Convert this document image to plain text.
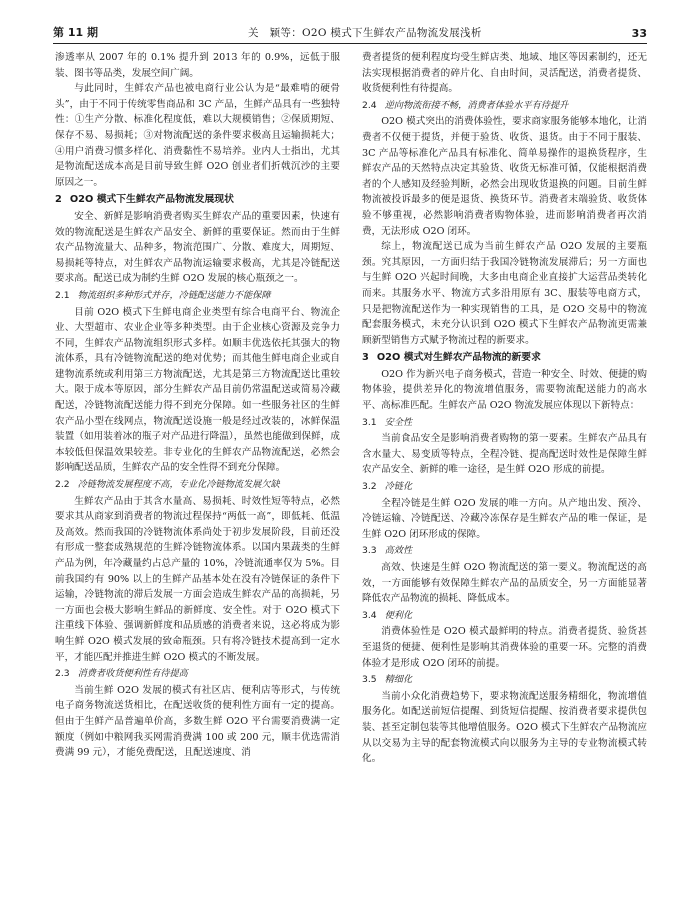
第 11 期	关　颖等：O2O 模式下生鲜农产品物流发展浅析	33

渗透率从 2007 年的 0.1% 提升到 2013 年的 0.9%，远低于服装、图书等品类，发展空间广阔。

与此同时，生鲜农产品也被电商行业公认为是“最难啃的硬骨头”，由于不同于传统零售商品和 3C 产品，生鲜产品具有一些独特性：①生产分散、标准化程度低，难以大规模销售；②保质期短、保存不易、易损耗；③对物流配送的条件要求极高且运输损耗大；④用户消费习惯多样化、消费黏性不易培养。业内人士指出，尤其是物流配送成本高是目前导致生鲜 O2O 创业者们折戟沉沙的主要原因之一。

2 O2O 模式下生鲜农产品物流发展现状

安全、新鲜是影响消费者购买生鲜农产品的重要因素，快速有效的物流配送是生鲜农产品安全、新鲜的重要保证。然而由于生鲜农产品物流量大、品种多，物流范围广、分散、难度大，周期短、易损耗等特点，对生鲜农产品物流运输要求极高，尤其是冷链配送要求高。配送已成为制约生鲜 O2O 发展的核心瓶颈之一。

2.1 物流组织多种形式并存，冷链配送能力不能保障

目前 O2O 模式下生鲜电商企业类型有综合电商平台、物流企业、大型超市、农业企业等多种类型。由于企业核心资源及竞争力不同，生鲜农产品物流组织形式多样。如顺丰优选依托其强大的物流体系，具有冷链物流配送的绝对优势；而其他生鲜电商企业或自建物流系统或利用第三方物流配送，尤其是第三方物流配送比重较大。限于成本等原因，部分生鲜农产品目前仍常温配送或简易冷藏配送，冷链物流配送能力得不到充分保障。如一些服务社区的生鲜农产品小型在线网点，物流配送设施一般是经过改装的，冰鲜保温装置（如用装着冰的瓶子对产品进行降温），虽然也能做到保鲜，成本较低但保温效果较差。非专业化的生鲜农产品物流配送，必然会影响配送品质，生鲜农产品的安全性得不到充分保障。

2.2 冷链物流发展程度不高，专业化冷链物流发展欠缺

生鲜农产品由于其含水量高、易损耗、时效性短等特点，必然要求其从商家到消费者的物流过程保持“两低一高”，即低耗、低温及高效。然而我国的冷链物流体系尚处于初步发展阶段，目前还没有形成一整套成熟规范的生鲜冷链物流体系。以国内果蔬类的生鲜产品为例，年冷藏量约占总产量的 10%，冷链流通率仅为 5%。目前我国约有 90% 以上的生鲜产品基本处在没有冷链保证的条件下运输，冷链物流的滞后发展一方面会造成生鲜农产品的高损耗，另一方面也会极大影响生鲜品的新鲜度、安全性。对于 O2O 模式下注重线下体验、强调新鲜度和品质感的消费者来说，这必将成为影响生鲜 O2O 模式发展的致命瓶颈。只有将冷链技术提高到一定水平，才能匹配并推进生鲜 O2O 模式的不断发展。

2.3 消费者收货便利性有待提高

当前生鲜 O2O 发展的模式有社区店、便利店等形式，与传统电子商务物流送货相比，在配送收货的便利性方面有一定的提高。但由于生鲜产品普遍单价高，多数生鲜 O2O 平台需要消费满一定额度（例如中粮网我买网需消费满 100 或 200 元，顺丰优选需消费满 99 元），才能免费配送，且配送速度、消

费者提货的便利程度均受生鲜店类、地域、地区等因素制约，还无法实现根据消费者的碎片化、自由时间，灵活配送，消费者提货、收货便利性有待提高。

2.4 逆向物流衔接不畅，消费者体验水平有待提升

O2O 模式突出的消费体验性，要求商家服务能够本地化，让消费者不仅便于提货，并便于验货、收货、退货。由于不同于服装、3C 产品等标准化产品具有标准化、简单易操作的退换货程序，生鲜农产品的天然特点决定其验货、收货无标准可循，仅能根据消费者的个人感知及经验判断，必然会出现收货退换的问题。目前生鲜物流被投诉最多的便是退货、换货环节。消费者末端验货、收货体验不够重视，必然影响消费者购物体验，进而影响消费者再次消费，无法形成 O2O 闭环。

综上，物流配送已成为当前生鲜农产品 O2O 发展的主要瓶颈。究其原因，一方面归结于我国冷链物流发展滞后；另一方面也与生鲜 O2O 兴起时间晚，大多由电商企业直接扩大运营品类转化而来。其服务水平、物流方式多沿用原有 3C、服装等电商方式，只是把物流配送作为一种实现销售的工具，是 O2O 交易中的物流配套服务模式，未充分认识到 O2O 模式下生鲜农产品物流更需兼顾新型销售方式赋予物流过程的新要求。

3 O2O 模式对生鲜农产品物流的新要求

O2O 作为新兴电子商务模式，营造一种安全、时效、便捷的购物体验，提供差异化的物流增值服务，需要物流配送能力的高水平、高标准匹配。生鲜农产品 O2O 物流发展应体现以下新特点：

3.1 安全性

当前食品安全是影响消费者购物的第一要素。生鲜农产品具有含水量大、易变质等特点，全程冷链、提高配送时效性是保障生鲜农产品安全、新鲜的唯一途径，是生鲜 O2O 形成的前提。

3.2 冷链化

全程冷链是生鲜 O2O 发展的唯一方向。从产地出发、预冷、冷链运输、冷链配送、冷藏冷冻保存是生鲜农产品的唯一保证，是生鲜 O2O 闭环形成的保障。

3.3 高效性

高效、快速是生鲜 O2O 物流配送的第一要义。物流配送的高效，一方面能够有效保障生鲜农产品的品质安全，另一方面能显著降低农产品物流的损耗、降低成本。

3.4 便利化

消费体验性是 O2O 模式最鲜明的特点。消费者提货、验货甚至退货的便捷、便利性是影响其消费体验的重要一环。完整的消费体验才是形成 O2O 闭环的前提。

3.5 精细化

当前小众化消费趋势下，要求物流配送服务精细化，物流增值服务化。如配送前短信提醒、到货短信提醒、按消费者要求提供包装、甚至定制包装等其他增值服务。O2O 模式下生鲜农产品物流应从以交易为主导的配套物流模式向以服务为主导的专业物流模式转化。
